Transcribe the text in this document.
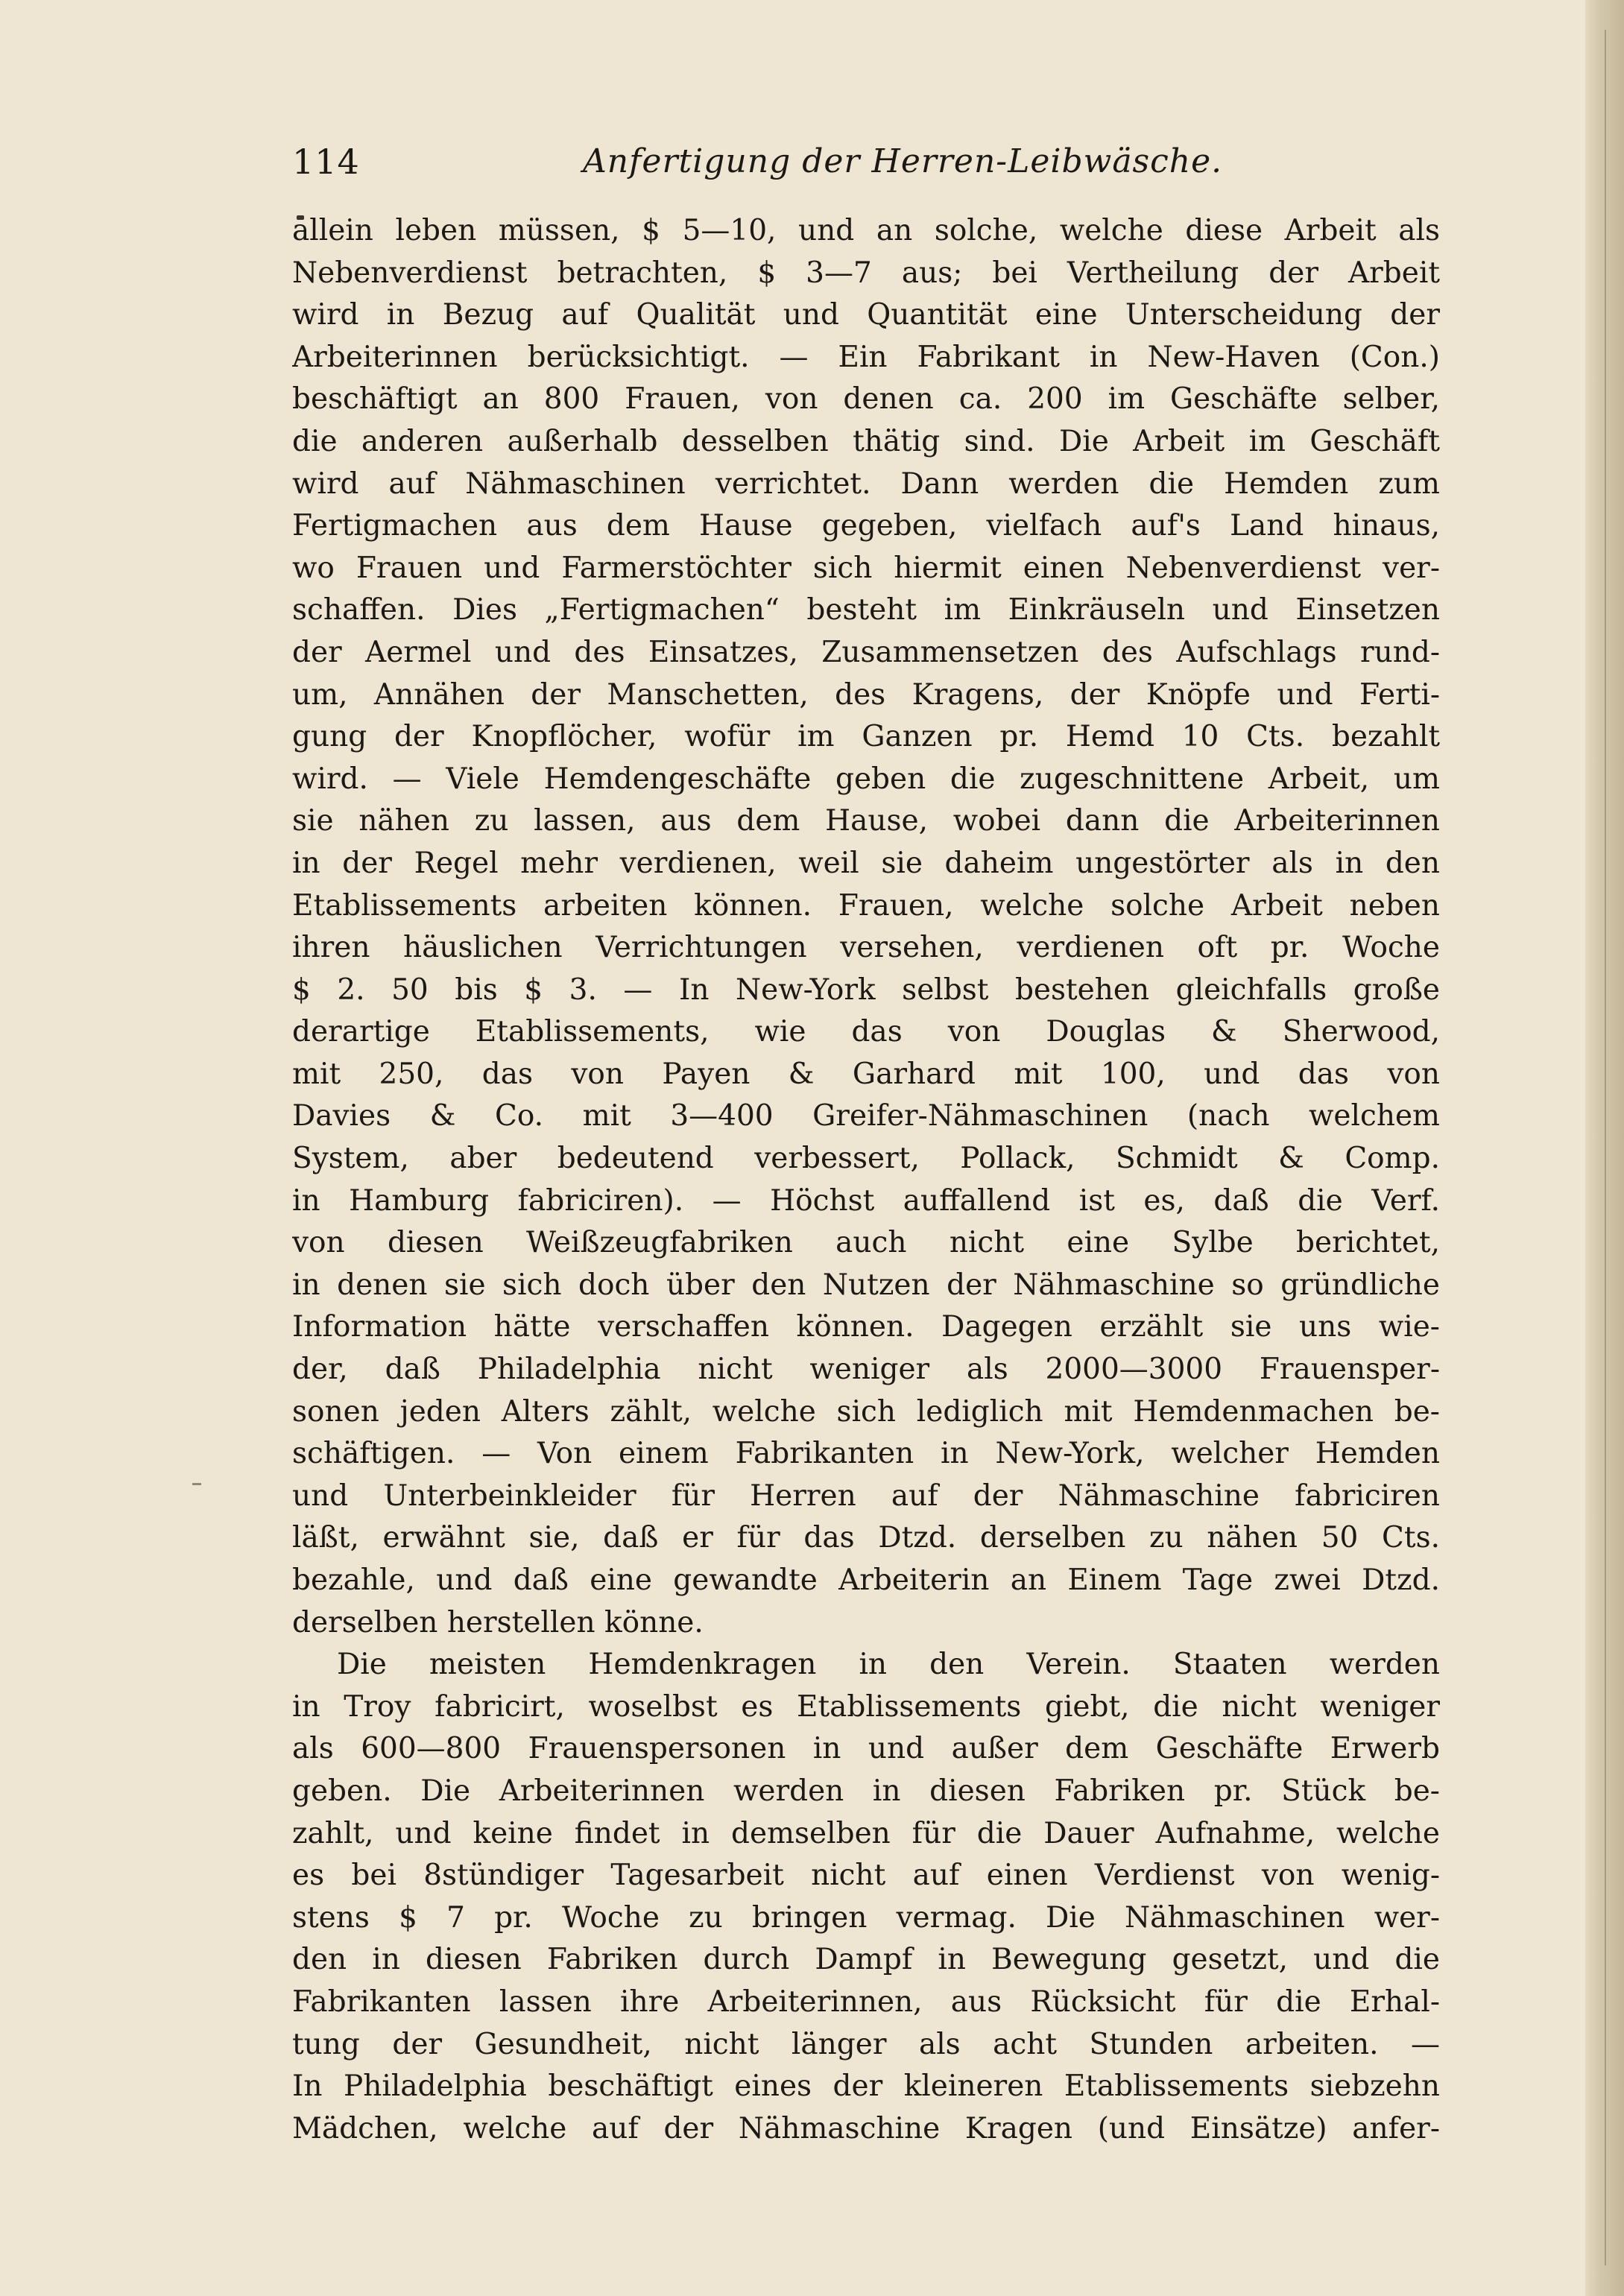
114	Anfertigung der Herren-Leibwäsche.
allein leben müssen, $ 5—10, und an solche, welche diese Arbeit als
Nebenverdienst betrachten, $ 3—7 aus; bei Vertheilung der Arbeit
wird in Bezug auf Qualität und Quantität eine Unterscheidung der
Arbeiterinnen berücksichtigt. — Ein Fabrikant in New-Haven (Con.)
beschäftigt an 800 Frauen, von denen ca. 200 im Geschäfte selber,
die anderen außerhalb desselben thätig sind. Die Arbeit im Geschäft
wird auf Nähmaschinen verrichtet. Dann werden die Hemden zum
Fertigmachen aus dem Hause gegeben, vielfach auf's Land hinaus,
wo Frauen und Farmerstöchter sich hiermit einen Nebenverdienst ver-
schaffen. Dies „Fertigmachen“ besteht im Einkräuseln und Einsetzen
der Aermel und des Einsatzes, Zusammensetzen des Aufschlags rund-
um, Annähen der Manschetten, des Kragens, der Knöpfe und Ferti-
gung der Knopflöcher, wofür im Ganzen pr. Hemd 10 Cts. bezahlt
wird. — Viele Hemdengeschäfte geben die zugeschnittene Arbeit, um
sie nähen zu lassen, aus dem Hause, wobei dann die Arbeiterinnen
in der Regel mehr verdienen, weil sie daheim ungestörter als in den
Etablissements arbeiten können. Frauen, welche solche Arbeit neben
ihren häuslichen Verrichtungen versehen, verdienen oft pr. Woche
$ 2. 50 bis $ 3. — In New-York selbst bestehen gleichfalls große
derartige Etablissements, wie das von Douglas & Sherwood,
mit 250, das von Payen & Garhard mit 100, und das von
Davies & Co. mit 3—400 Greifer-Nähmaschinen (nach welchem
System, aber bedeutend verbessert, Pollack, Schmidt & Comp.
in Hamburg fabriciren). — Höchst auffallend ist es, daß die Verf.
von diesen Weißzeugfabriken auch nicht eine Sylbe berichtet,
in denen sie sich doch über den Nutzen der Nähmaschine so gründliche
Information hätte verschaffen können. Dagegen erzählt sie uns wie-
der, daß Philadelphia nicht weniger als 2000—3000 Frauensper-
sonen jeden Alters zählt, welche sich lediglich mit Hemdenmachen be-
schäftigen. — Von einem Fabrikanten in New-York, welcher Hemden
und Unterbeinkleider für Herren auf der Nähmaschine fabriciren
läßt, erwähnt sie, daß er für das Dtzd. derselben zu nähen 50 Cts.
bezahle, und daß eine gewandte Arbeiterin an Einem Tage zwei Dtzd.
derselben herstellen könne.
Die meisten Hemdenkragen in den Verein. Staaten werden
in Troy fabricirt, woselbst es Etablissements giebt, die nicht weniger
als 600—800 Frauenspersonen in und außer dem Geschäfte Erwerb
geben. Die Arbeiterinnen werden in diesen Fabriken pr. Stück be-
zahlt, und keine findet in demselben für die Dauer Aufnahme, welche
es bei 8stündiger Tagesarbeit nicht auf einen Verdienst von wenig-
stens $ 7 pr. Woche zu bringen vermag. Die Nähmaschinen wer-
den in diesen Fabriken durch Dampf in Bewegung gesetzt, und die
Fabrikanten lassen ihre Arbeiterinnen, aus Rücksicht für die Erhal-
tung der Gesundheit, nicht länger als acht Stunden arbeiten. —
In Philadelphia beschäftigt eines der kleineren Etablissements siebzehn
Mädchen, welche auf der Nähmaschine Kragen (und Einsätze) anfer-
